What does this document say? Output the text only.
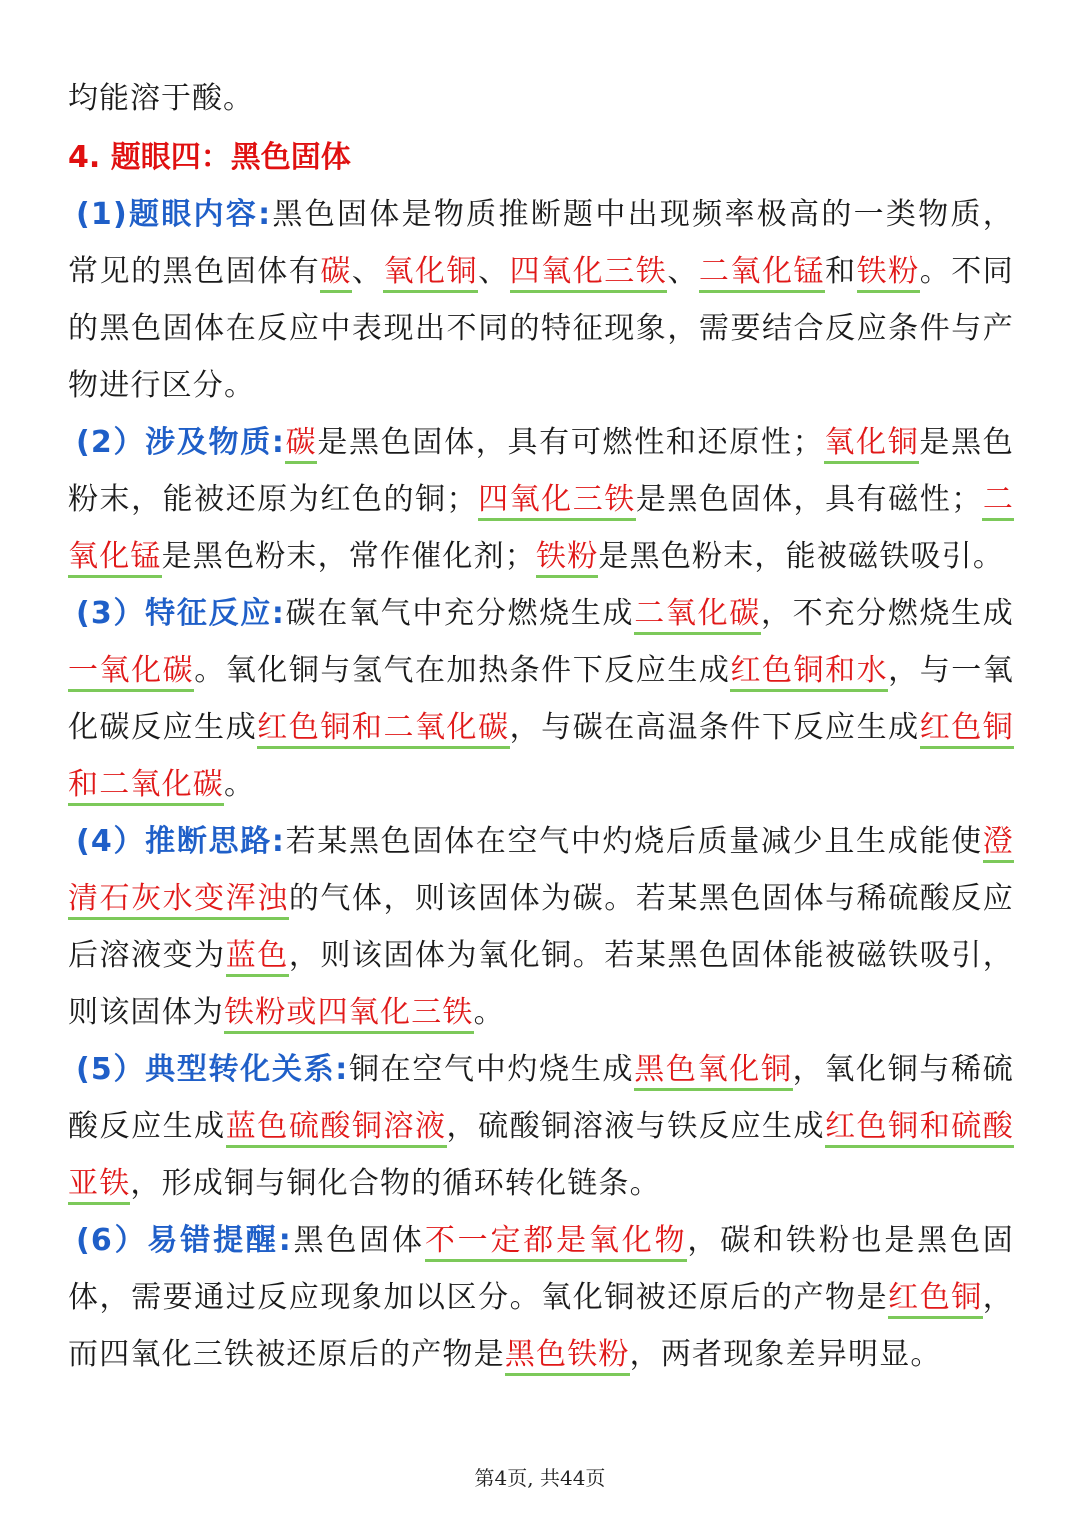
均能溶于酸。
4. 题眼四：黑色固体

(1)题眼内容:黑色固体是物质推断题中出现频率极高的一类物质，常见的黑色固体有碳、氧化铜、四氧化三铁、二氧化锰和铁粉。不同的黑色固体在反应中表现出不同的特征现象，需要结合反应条件与产物进行区分。

(2）涉及物质:碳是黑色固体，具有可燃性和还原性；氧化铜是黑色粉末，能被还原为红色的铜；四氧化三铁是黑色固体，具有磁性；二氧化锰是黑色粉末，常作催化剂；铁粉是黑色粉末，能被磁铁吸引。

(3）特征反应:碳在氧气中充分燃烧生成二氧化碳，不充分燃烧生成一氧化碳。氧化铜与氢气在加热条件下反应生成红色铜和水，与一氧化碳反应生成红色铜和二氧化碳，与碳在高温条件下反应生成红色铜和二氧化碳。

(4）推断思路:若某黑色固体在空气中灼烧后质量减少且生成能使澄清石灰水变浑浊的气体，则该固体为碳。若某黑色固体与稀硫酸反应后溶液变为蓝色，则该固体为氧化铜。若某黑色固体能被磁铁吸引，则该固体为铁粉或四氧化三铁。

(5）典型转化关系:铜在空气中灼烧生成黑色氧化铜，氧化铜与稀硫酸反应生成蓝色硫酸铜溶液，硫酸铜溶液与铁反应生成红色铜和硫酸亚铁，形成铜与铜化合物的循环转化链条。

(6）易错提醒:黑色固体不一定都是氧化物，碳和铁粉也是黑色固体，需要通过反应现象加以区分。氧化铜被还原后的产物是红色铜，而四氧化三铁被还原后的产物是黑色铁粉，两者现象差异明显。

第4页, 共44页
